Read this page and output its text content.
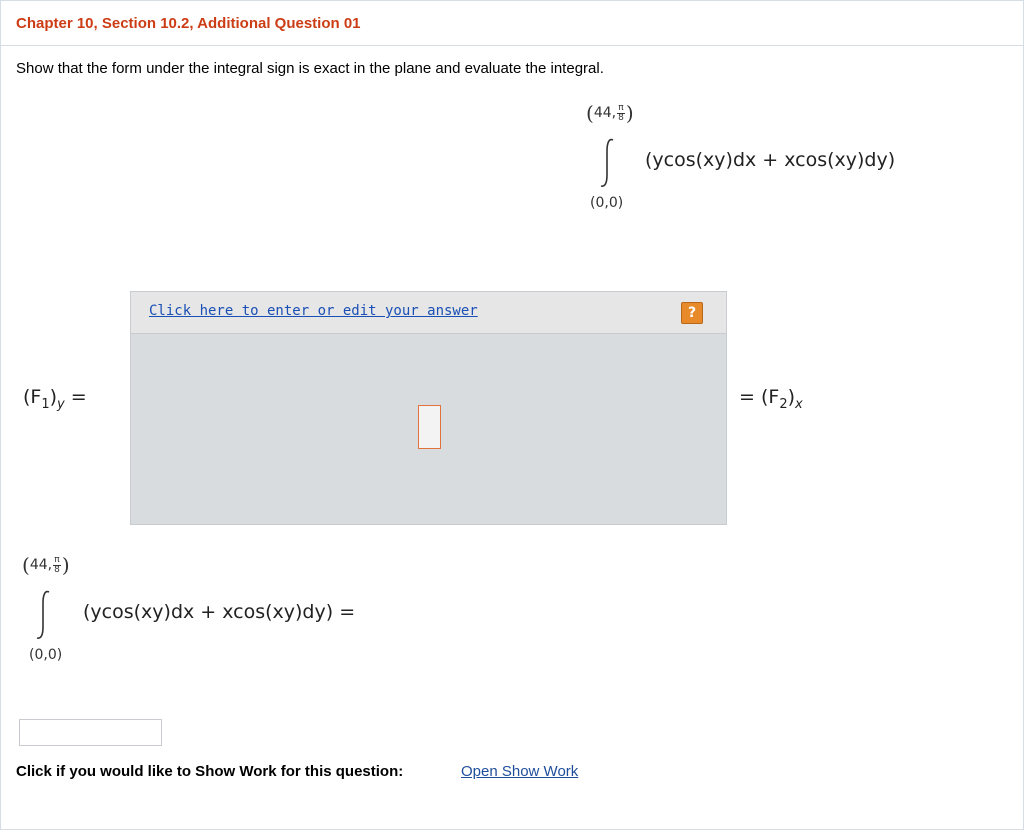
Chapter 10, Section 10.2, Additional Question 01
Show that the form under the integral sign is exact in the plane and evaluate the integral.
(44, $\frac{\pi}{8}$ )
(ycos(xy)dx + xcos(xy)dy)
(0,0)
$(F_1)_y$ =
Click here to enter or edit your answer	?
= $(F_2)_x$
(44, $\frac{\pi}{8}$ )
(ycos(xy)dx + xcos(xy)dy) =
(0,0)
Click if you would like to Show Work for this question:	Open Show Work
